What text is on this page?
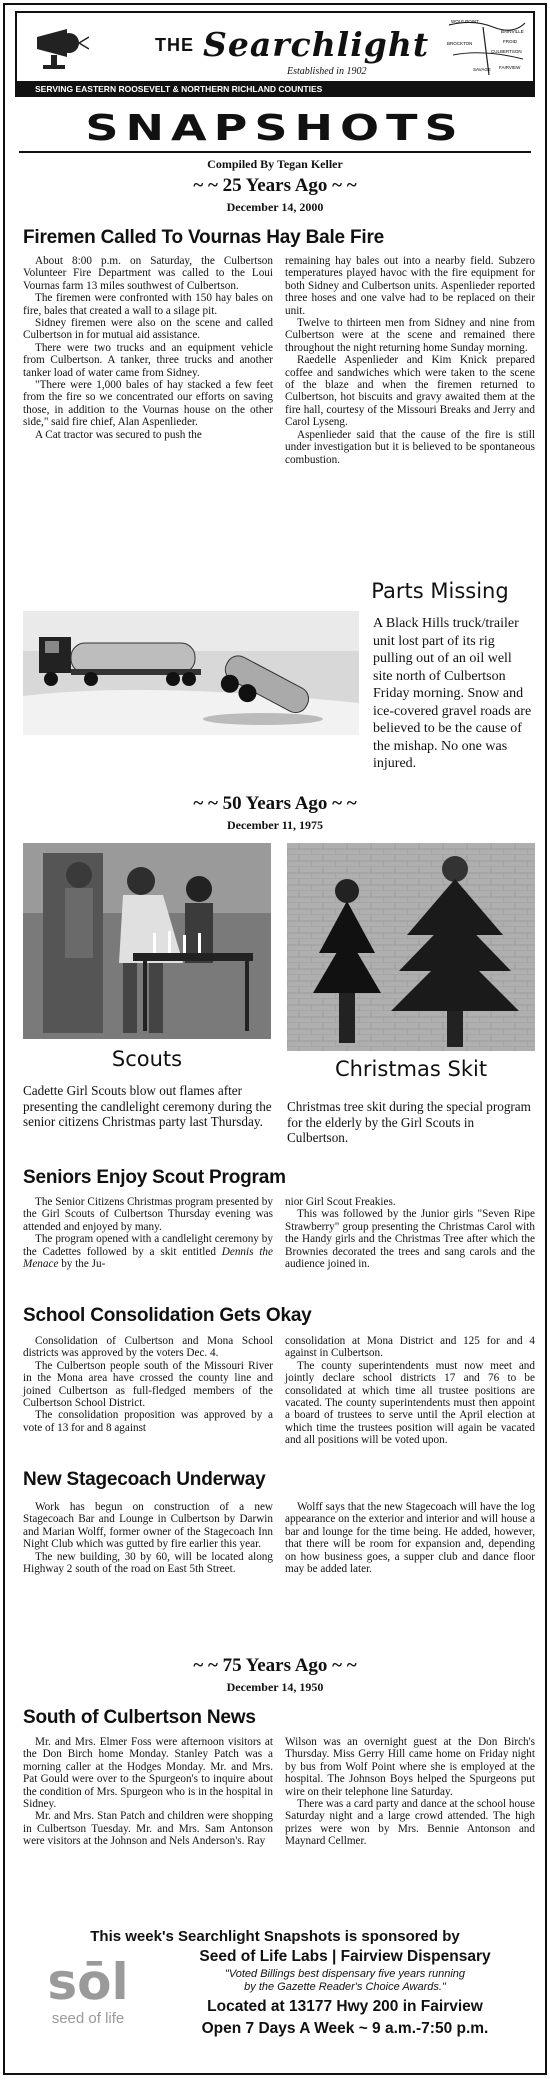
THE Searchlight
Established in 1902
WOLF POINT
BAINVILLE
FROID
CULBERTSON
SAVAGE FAIRVIEW
BROCKTON
SERVING EASTERN ROOSEVELT & NORTHERN RICHLAND COUNTIES
SNAPSHOTS
Compiled By Tegan Keller
~ ~ 25 Years Ago ~ ~
December 14, 2000
Firemen Called To Vournas Hay Bale Fire

About 8:00 p.m. on Saturday, the Culbertson Volunteer Fire Department was called to the Loui Vournas farm 13 miles southwest of Culbertson.

The firemen were confronted with 150 hay bales on fire, bales that created a wall to a silage pit.

Sidney firemen were also on the scene and called Culbertson in for mutual aid assistance.

There were two trucks and an equipment vehicle from Culbertson. A tanker, three trucks and another tanker load of water came from Sidney.

"There were 1,000 bales of hay stacked a few feet from the fire so we concentrated our efforts on saving those, in addition to the Vournas house on the other side," said fire chief, Alan Aspenlieder.

A Cat tractor was secured to push the

remaining hay bales out into a nearby field. Subzero temperatures played havoc with the fire equipment for both Sidney and Culbertson units. Aspenlieder reported three hoses and one valve had to be replaced on their unit.

Twelve to thirteen men from Sidney and nine from Culbertson were at the scene and remained there throughout the night returning home Sunday morning.

Raedelle Aspenlieder and Kim Knick prepared coffee and sandwiches which were taken to the scene of the blaze and when the firemen returned to Culbertson, hot biscuits and gravy awaited them at the fire hall, courtesy of the Missouri Breaks and Jerry and Carol Lyseng.

Aspenlieder said that the cause of the fire is still under investigation but it is believed to be spontaneous combustion.

Parts Missing
A Black Hills truck/trailer unit lost part of its rig pulling out of an oil well site north of Culbertson Friday morning. Snow and ice-covered gravel roads are believed to be the cause of the mishap. No one was injured.
~ ~ 50 Years Ago ~ ~
December 11, 1975
Scouts	Christmas Skit
Cadette Girl Scouts blow out flames after presenting the candlelight ceremony during the senior citizens Christmas party last Thursday.
Christmas tree skit during the special program for the elderly by the Girl Scouts in Culbertson.
Seniors Enjoy Scout Program

The Senior Citizens Christmas program presented by the Girl Scouts of Culbertson Thursday evening was attended and enjoyed by many.

The program opened with a candlelight ceremony by the Cadettes followed by a skit entitled Dennis the Menace by the Ju-

nior Girl Scout Freakies.

This was followed by the Junior girls "Seven Ripe Strawberry" group presenting the Christmas Carol with the Handy girls and the Christmas Tree after which the Brownies decorated the trees and sang carols and the audience joined in.

School Consolidation Gets Okay

Consolidation of Culbertson and Mona School districts was approved by the voters Dec. 4.

The Culbertson people south of the Missouri River in the Mona area have crossed the county line and joined Culbertson as full-fledged members of the Culbertson School District.

The consolidation proposition was approved by a vote of 13 for and 8 against

consolidation at Mona District and 125 for and 4 against in Culbertson.

The county superintendents must now meet and jointly declare school districts 17 and 76 to be consolidated at which time all trustee positions are vacated. The county superintendents must then appoint a board of trustees to serve until the April election at which time the trustees position will again be vacated and all positions will be voted upon.

New Stagecoach Underway

Work has begun on construction of a new Stagecoach Bar and Lounge in Culbertson by Darwin and Marian Wolff, former owner of the Stagecoach Inn Night Club which was gutted by fire earlier this year.

The new building, 30 by 60, will be located along Highway 2 south of the road on East 5th Street.

Wolff says that the new Stagecoach will have the log appearance on the exterior and interior and will house a bar and lounge for the time being. He added, however, that there will be room for expansion and, depending on how business goes, a supper club and dance floor may be added later.

~ ~ 75 Years Ago ~ ~
December 14, 1950
South of Culbertson News

Mr. and Mrs. Elmer Foss were afternoon visitors at the Don Birch home Monday. Stanley Patch was a morning caller at the Hodges Monday. Mr. and Mrs. Pat Gould were over to the Spurgeon's to inquire about the condition of Mrs. Spurgeon who is in the hospital in Sidney.

Mr. and Mrs. Stan Patch and children were shopping in Culbertson Tuesday. Mr. and Mrs. Sam Antonson were visitors at the Johnson and Nels Anderson's. Ray

Wilson was an overnight guest at the Don Birch's Thursday. Miss Gerry Hill came home on Friday night by bus from Wolf Point where she is employed at the hospital. The Johnson Boys helped the Spurgeons put wire on their telephone line Saturday.

There was a card party and dance at the school house Saturday night and a large crowd attended. The high prizes were won by Mrs. Bennie Antonson and Maynard Cellmer.

This week's Searchlight Snapshots is sponsored by
sōl
seed of life
Seed of Life Labs | Fairview Dispensary
"Voted Billings best dispensary five years running
by the Gazette Reader's Choice Awards."
Located at 13177 Hwy 200 in Fairview
Open 7 Days A Week ~ 9 a.m.-7:50 p.m.
